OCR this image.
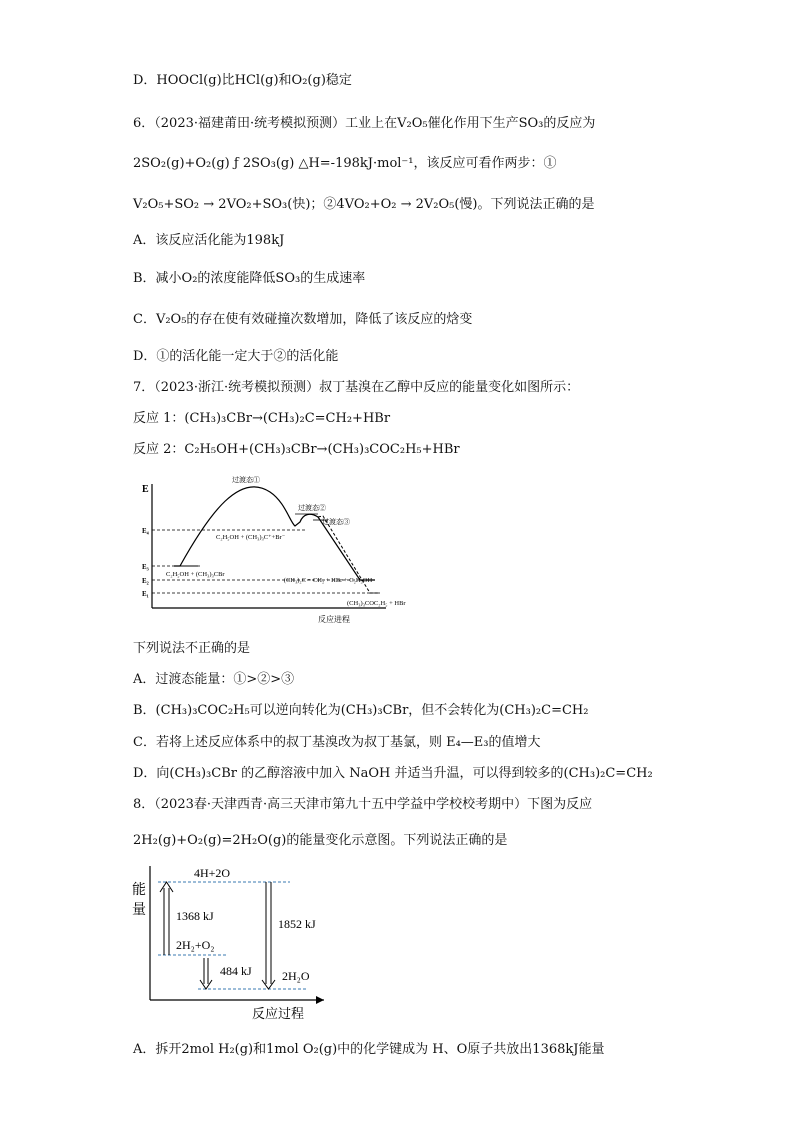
D．HOOCl(g)比HCl(g)和O₂(g)稳定
6．（2023·福建莆田·统考模拟预测）工业上在V₂O₅催化作用下生产SO₃的反应为
2SO₂(g)+O₂(g) ƒ 2SO₃(g) △H=-198kJ·mol⁻¹，该反应可看作两步：①
V₂O₅+SO₂ → 2VO₂+SO₃(快)；②4VO₂+O₂ → 2V₂O₅(慢)。下列说法正确的是
A．该反应活化能为198kJ
B．减小O₂的浓度能降低SO₃的生成速率
C．V₂O₅的存在使有效碰撞次数增加，降低了该反应的焓变
D．①的活化能一定大于②的活化能
7．（2023·浙江·统考模拟预测）叔丁基溴在乙醇中反应的能量变化如图所示：
反应 1：(CH₃)₃CBr→(CH₃)₂C=CH₂+HBr
反应 2：C₂H₅OH+(CH₃)₃CBr→(CH₃)₃COC₂H₅+HBr
E
过渡态①
过渡态②
过渡态③
E₄
E₃
E₂
E₁
C₂H₅OH + (CH₃)₃C⁺+Br⁻
C₂H₅OH + (CH₃)₃CBr
(CH₃)₂C = CH₂ + HBr + C₂H₅OH
(CH₃)₃COC₂H₅ + HBr
反应进程
下列说法不正确的是
A．过渡态能量：①>②>③
B．(CH₃)₃COC₂H₅可以逆向转化为(CH₃)₃CBr，但不会转化为(CH₃)₂C=CH₂
C．若将上述反应体系中的叔丁基溴改为叔丁基氯，则 E₄—E₃的值增大
D．向(CH₃)₃CBr 的乙醇溶液中加入 NaOH 并适当升温，可以得到较多的(CH₃)₂C=CH₂
8．（2023春·天津西青·高三天津市第九十五中学益中学校校考期中）下图为反应
2H₂(g)+O₂(g)=2H₂O(g)的能量变化示意图。下列说法正确的是
能
量
4H+2O
1368 kJ
2H₂+O₂
1852 kJ
484 kJ	2H₂O
反应过程
A．拆开2mol H₂(g)和1mol O₂(g)中的化学键成为 H、O原子共放出1368kJ能量
